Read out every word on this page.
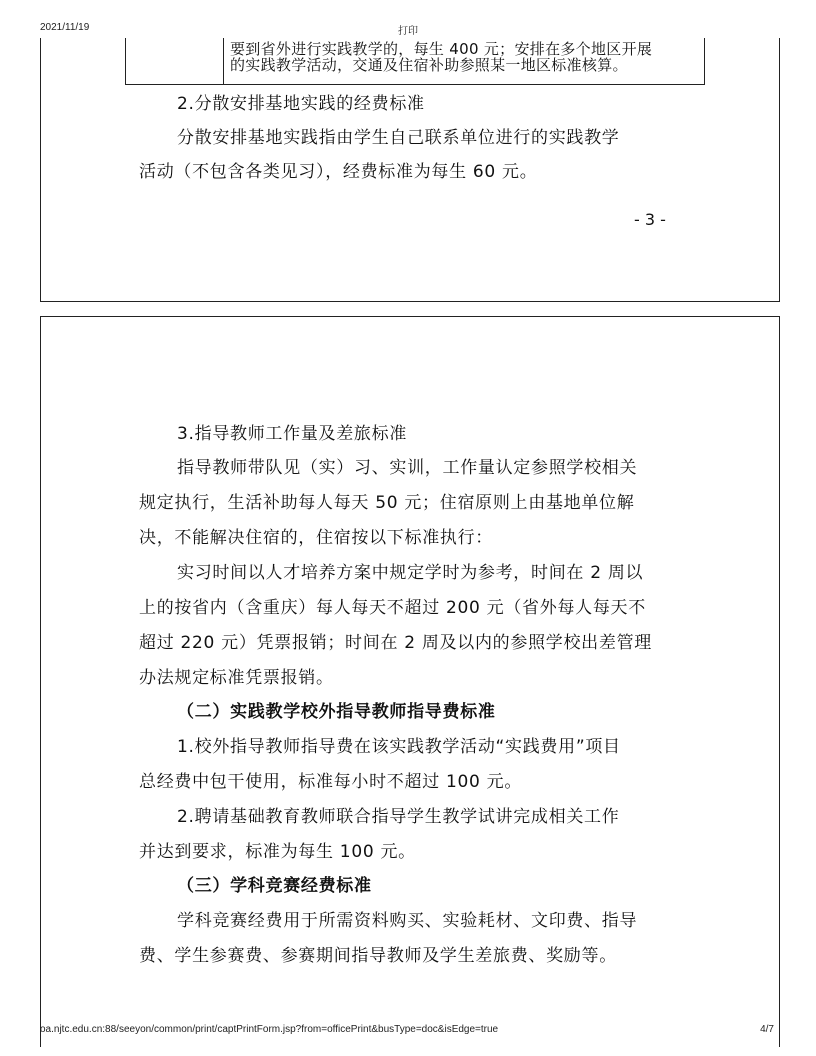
2021/11/19	打印
要到省外进行实践教学的，每生 400 元；安排在多个地区开展
的实践教学活动，交通及住宿补助参照某一地区标准核算。
2.分散安排基地实践的经费标准
分散安排基地实践指由学生自己联系单位进行的实践教学
活动（不包含各类见习），经费标准为每生 60 元。
- 3 -
3.指导教师工作量及差旅标准
指导教师带队见（实）习、实训，工作量认定参照学校相关
规定执行，生活补助每人每天 50 元；住宿原则上由基地单位解
决，不能解决住宿的，住宿按以下标准执行：
实习时间以人才培养方案中规定学时为参考，时间在 2 周以
上的按省内（含重庆）每人每天不超过 200 元（省外每人每天不
超过 220 元）凭票报销；时间在 2 周及以内的参照学校出差管理
办法规定标准凭票报销。
（二）实践教学校外指导教师指导费标准
1.校外指导教师指导费在该实践教学活动“实践费用”项目
总经费中包干使用，标准每小时不超过 100 元。
2.聘请基础教育教师联合指导学生教学试讲完成相关工作
并达到要求，标准为每生 100 元。
（三）学科竞赛经费标准
学科竞赛经费用于所需资料购买、实验耗材、文印费、指导
费、学生参赛费、参赛期间指导教师及学生差旅费、奖励等。
oa.njtc.edu.cn:88/seeyon/common/print/captPrintForm.jsp?from=officePrint&busType=doc&isEdge=true	4/7
